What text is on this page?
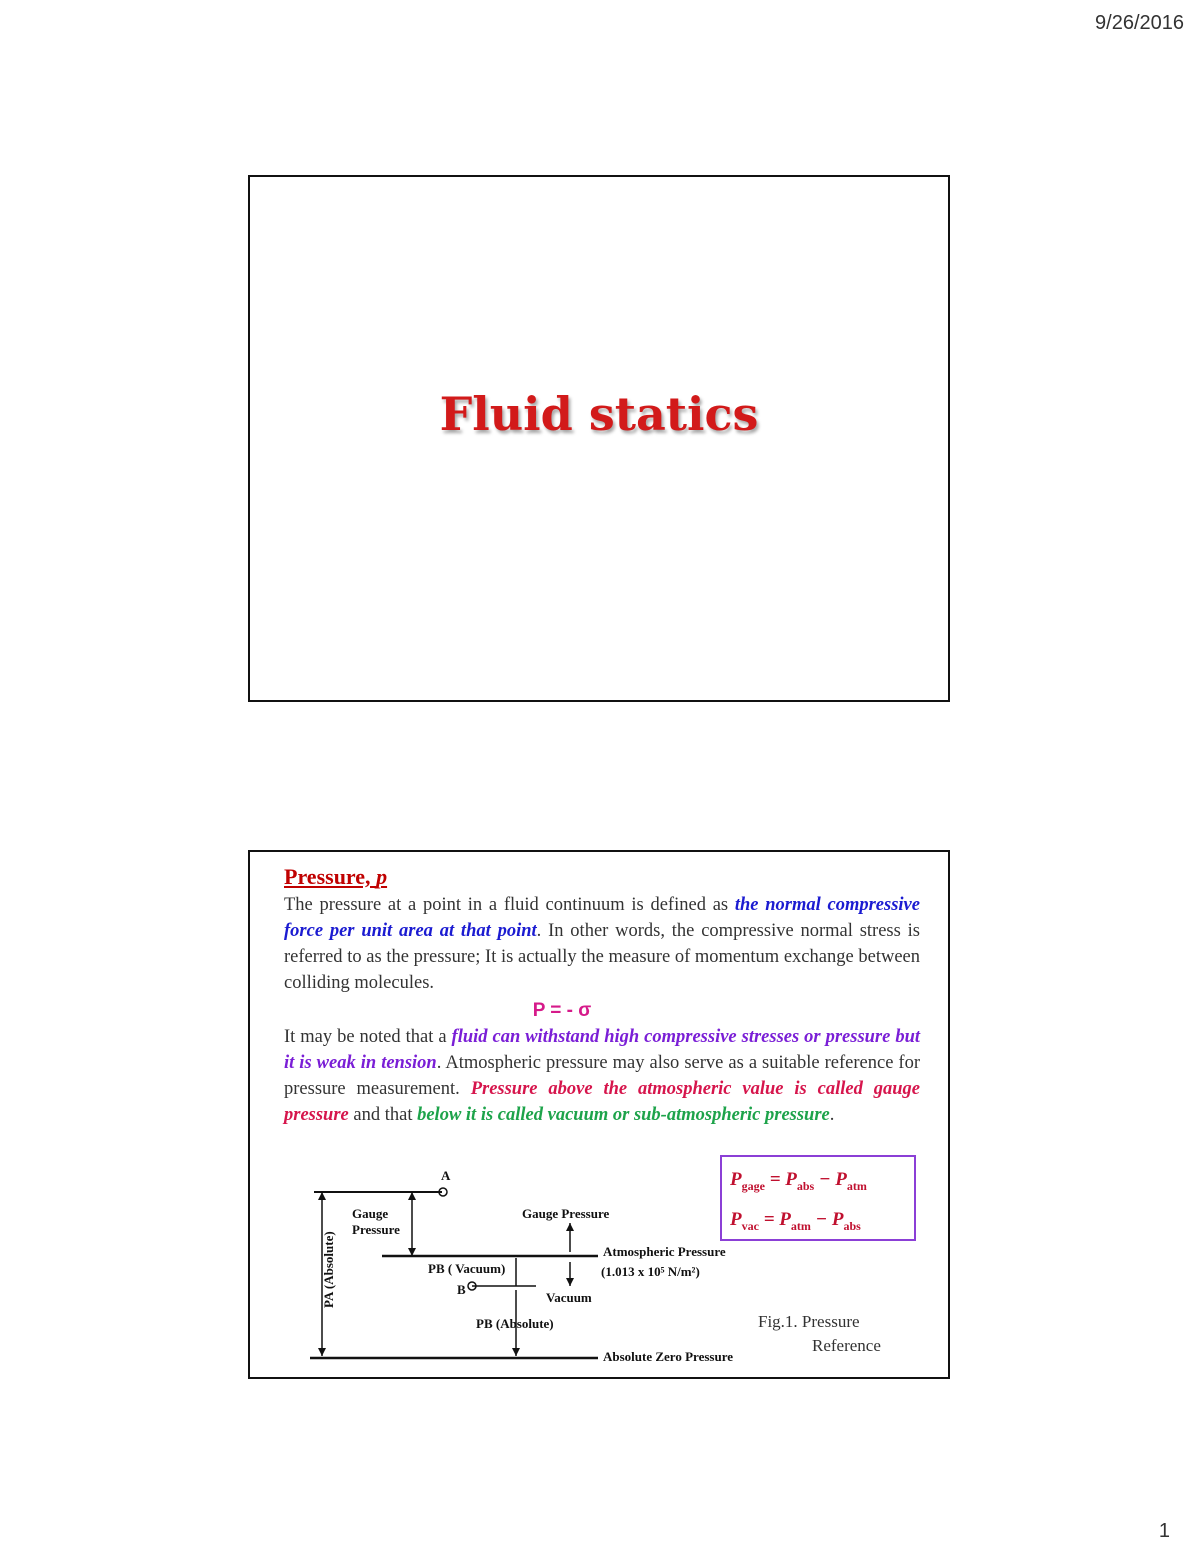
9/26/2016
Fluid statics

Pressure, p

The pressure at a point in a fluid continuum is defined as the normal compressive force per unit area at that point. In other words, the compressive normal stress is referred to as the pressure; It is actually the measure of momentum exchange between colliding molecules.

P = - σ

It may be noted that a fluid can withstand high compressive stresses or pressure but it is weak in tension. Atmospheric pressure may also serve as a suitable reference for pressure measurement. Pressure above the atmospheric value is called gauge pressure and that below it is called vacuum or sub-atmospheric pressure.

A
PA (Absolute)
Gauge
Pressure
Gauge Pressure
Atmospheric Pressure
(1.013 x 10⁵ N/m²)
B
PB ( Vacuum)
Vacuum
PB (Absolute)
Absolute Zero Pressure
$P_{gage} = P_{abs} - P_{atm}$
$P_{vac} = P_{atm} - P_{abs}$
Fig.1. Pressure
Reference
1
